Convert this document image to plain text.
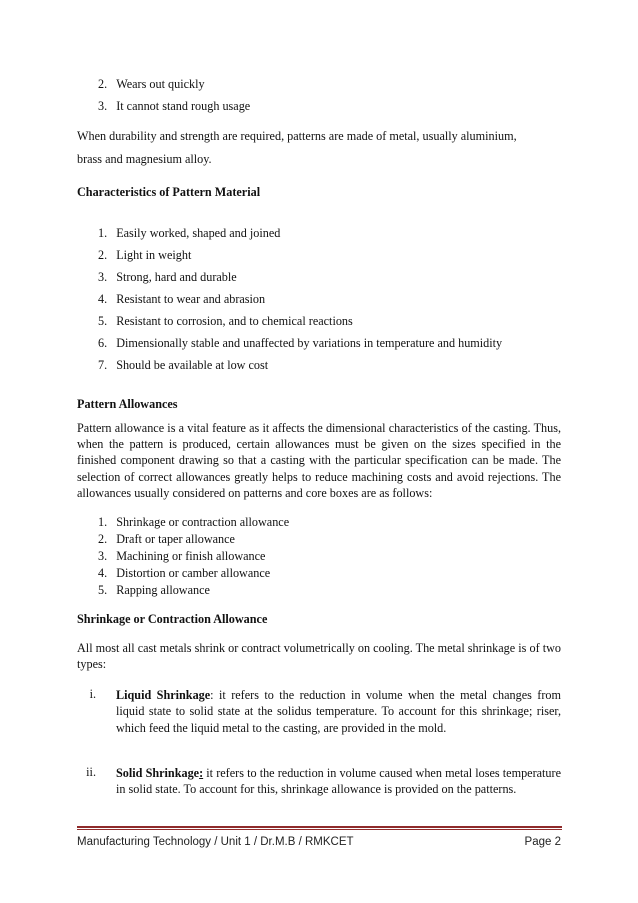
2. Wears out quickly
3. It cannot stand rough usage
When durability and strength are required, patterns are made of metal, usually aluminium,
brass and magnesium alloy.
Characteristics of Pattern Material
1. Easily worked, shaped and joined
2. Light in weight
3. Strong, hard and durable
4. Resistant to wear and abrasion
5. Resistant to corrosion, and to chemical reactions
6. Dimensionally stable and unaffected by variations in temperature and humidity
7. Should be available at low cost
Pattern Allowances
Pattern allowance is a vital feature as it affects the dimensional characteristics of the casting. Thus, when the pattern is produced, certain allowances must be given on the sizes specified in the finished component drawing so that a casting with the particular specification can be made. The selection of correct allowances greatly helps to reduce machining costs and avoid rejections. The allowances usually considered on patterns and core boxes are as follows:
1. Shrinkage or contraction allowance
2. Draft or taper allowance
3. Machining or finish allowance
4. Distortion or camber allowance
5. Rapping allowance
Shrinkage or Contraction Allowance
All most all cast metals shrink or contract volumetrically on cooling. The metal shrinkage is of two types:
i. Liquid Shrinkage: it refers to the reduction in volume when the metal changes from liquid state to solid state at the solidus temperature. To account for this shrinkage; riser, which feed the liquid metal to the casting, are provided in the mold.
ii. Solid Shrinkage: it refers to the reduction in volume caused when metal loses temperature in solid state. To account for this, shrinkage allowance is provided on the patterns.
Manufacturing Technology / Unit 1 / Dr.M.B / RMKCET	Page 2
